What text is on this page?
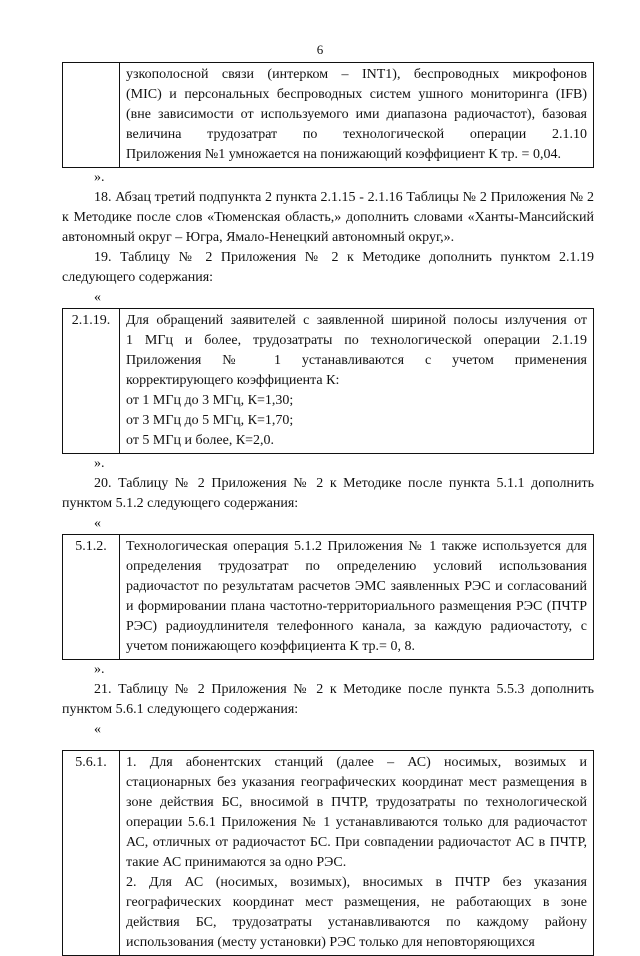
6

узкополосной связи (интерком – INT1), беспроводных микрофонов
(MIC) и персональных беспроводных систем ушного мониторинга (IFB)
(вне зависимости от используемого ими диапазона радиочастот), базовая
величина трудозатрат по технологической операции 2.1.10
Приложения №1 умножается на понижающий коэффициент К тр. = 0,04.
».
18. Абзац третий подпункта 2 пункта 2.1.15 - 2.1.16 Таблицы № 2 Приложения № 2 к Методике после слов «Тюменская область,» дополнить словами «Ханты-Мансийский автономный округ – Югра, Ямало-Ненецкий автономный округ,».
19. Таблицу № 2 Приложения № 2 к Методике дополнить пунктом 2.1.19 следующего содержания:
«
2.1.19.	Для обращений заявителей с заявленной шириной полосы излучения от
1 МГц и более, трудозатраты по технологической операции 2.1.19
Приложения № 1 устанавливаются с учетом применения
корректирующего коэффициента К:
от 1 МГц до 3 МГц, К=1,30;
от 3 МГц до 5 МГц, К=1,70;
от 5 МГц и более, К=2,0.
».
20. Таблицу № 2 Приложения № 2 к Методике после пункта 5.1.1 дополнить пунктом 5.1.2 следующего содержания:
«
5.1.2.	Технологическая операция 5.1.2 Приложения № 1 также используется для определения трудозатрат по определению условий использования радиочастот по результатам расчетов ЭМС заявленных РЭС и согласований и формировании плана частотно-территориального размещения РЭС (ПЧТР РЭС) радиоудлинителя телефонного канала, за каждую радиочастоту, с учетом понижающего коэффициента К тр.= 0, 8.
».
21. Таблицу № 2 Приложения № 2 к Методике после пункта 5.5.3 дополнить пунктом 5.6.1 следующего содержания:
«
5.6.1.	1. Для абонентских станций (далее – АС) носимых, возимых и стационарных без указания географических координат мест размещения в зоне действия БС, вносимой в ПЧТР, трудозатраты по технологической операции 5.6.1 Приложения № 1 устанавливаются только для радиочастот АС, отличных от радиочастот БС. При совпадении радиочастот АС в ПЧТР, такие АС принимаются за одно РЭС.
2. Для АС (носимых, возимых), вносимых в ПЧТР без указания географических координат мест размещения, не работающих в зоне действия БС, трудозатраты устанавливаются по каждому району использования (месту установки) РЭС только для неповторяющихся
